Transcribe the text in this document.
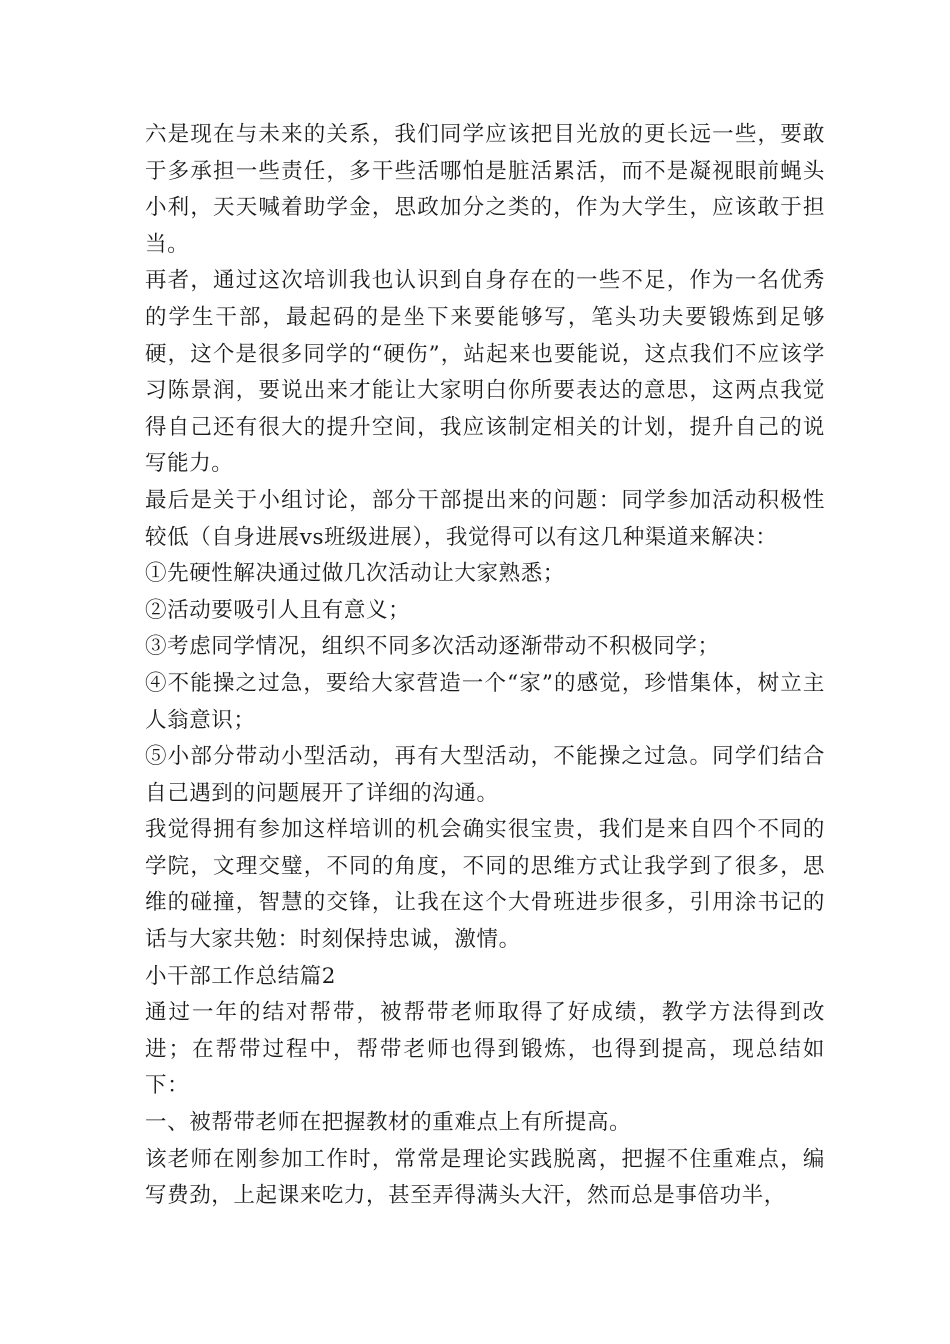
六是现在与未来的关系，我们同学应该把目光放的更长远一些，要敢于多承担一些责任，多干些活哪怕是脏活累活，而不是凝视眼前蝇头小利，天天喊着助学金，思政加分之类的，作为大学生，应该敢于担当。

再者，通过这次培训我也认识到自身存在的一些不足，作为一名优秀的学生干部，最起码的是坐下来要能够写，笔头功夫要锻炼到足够硬，这个是很多同学的“硬伤”，站起来也要能说，这点我们不应该学习陈景润，要说出来才能让大家明白你所要表达的意思，这两点我觉得自己还有很大的提升空间，我应该制定相关的计划，提升自己的说写能力。

最后是关于小组讨论，部分干部提出来的问题：同学参加活动积极性较低（自身进展vs班级进展），我觉得可以有这几种渠道来解决：

①先硬性解决通过做几次活动让大家熟悉；

②活动要吸引人且有意义；

③考虑同学情况，组织不同多次活动逐渐带动不积极同学；

④不能操之过急，要给大家营造一个“家”的感觉，珍惜集体，树立主人翁意识；

⑤小部分带动小型活动，再有大型活动，不能操之过急。同学们结合自己遇到的问题展开了详细的沟通。

我觉得拥有参加这样培训的机会确实很宝贵，我们是来自四个不同的学院，文理交璧，不同的角度，不同的思维方式让我学到了很多，思维的碰撞，智慧的交锋，让我在这个大骨班进步很多，引用涂书记的话与大家共勉：时刻保持忠诚，激情。

小干部工作总结篇2

通过一年的结对帮带，被帮带老师取得了好成绩，教学方法得到改进；在帮带过程中，帮带老师也得到锻炼，也得到提高，现总结如下：

一、被帮带老师在把握教材的重难点上有所提高。

该老师在刚参加工作时，常常是理论实践脱离，把握不住重难点，编写费劲，上起课来吃力，甚至弄得满头大汗，然而总是事倍功半，
